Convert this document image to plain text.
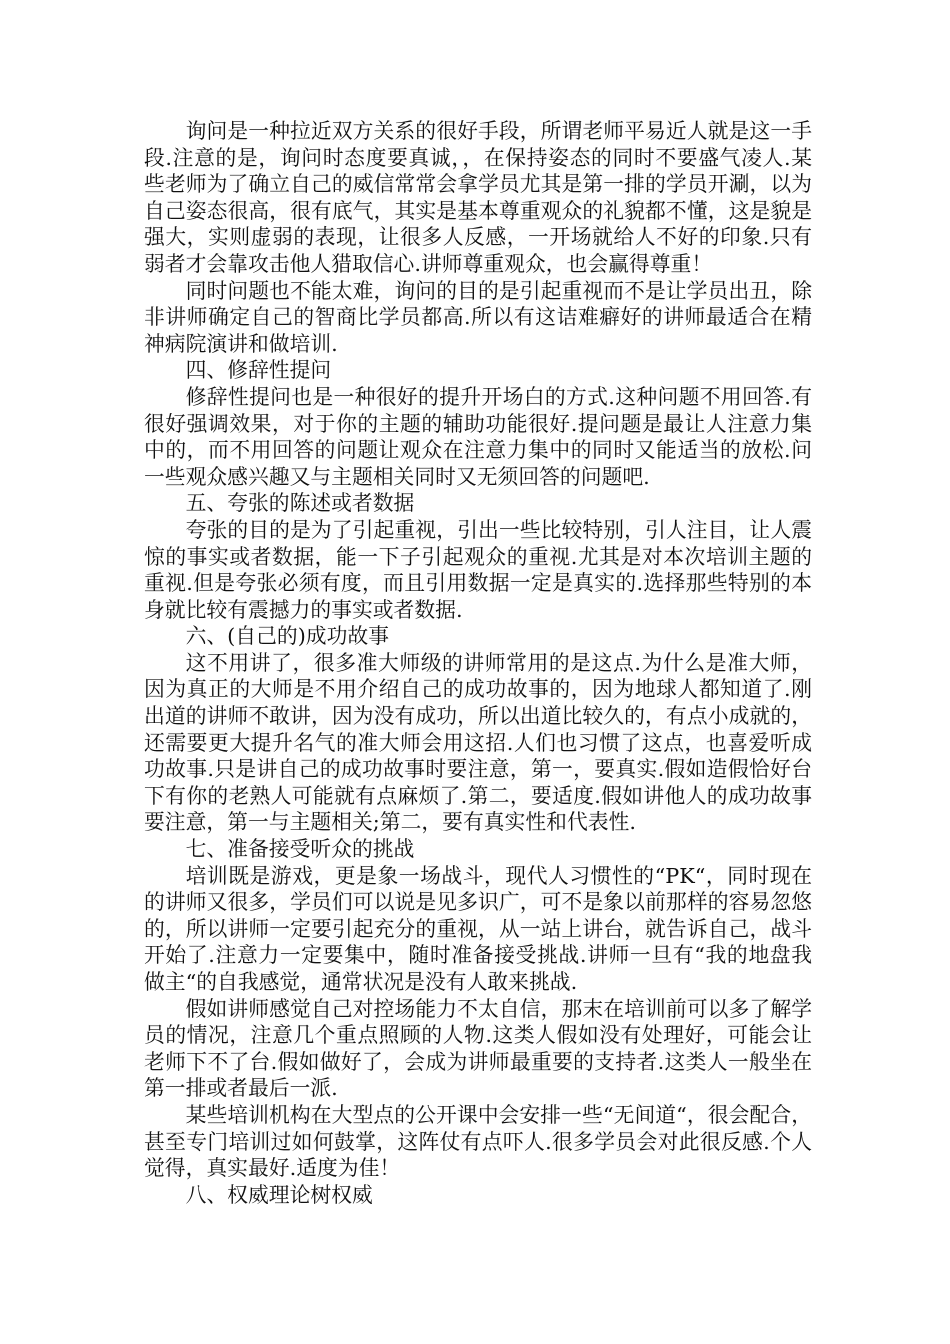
询问是一种拉近双方关系的很好手段，所谓老师平易近人就是这一手段.注意的是，询问时态度要真诚，，在保持姿态的同时不要盛气凌人.某些老师为了确立自己的威信常常会拿学员尤其是第一排的学员开涮，以为自己姿态很高，很有底气，其实是基本尊重观众的礼貌都不懂，这是貌是强大，实则虚弱的表现，让很多人反感，一开场就给人不好的印象.只有弱者才会靠攻击他人猎取信心.讲师尊重观众，也会赢得尊重！

同时问题也不能太难，询问的目的是引起重视而不是让学员出丑，除非讲师确定自己的智商比学员都高.所以有这诘难癖好的讲师最适合在精神病院演讲和做培训.

四、修辞性提问

修辞性提问也是一种很好的提升开场白的方式.这种问题不用回答.有很好强调效果，对于你的主题的辅助功能很好.提问题是最让人注意力集中的，而不用回答的问题让观众在注意力集中的同时又能适当的放松.问一些观众感兴趣又与主题相关同时又无须回答的问题吧.

五、夸张的陈述或者数据

夸张的目的是为了引起重视，引出一些比较特别，引人注目，让人震惊的事实或者数据，能一下子引起观众的重视.尤其是对本次培训主题的重视.但是夸张必须有度，而且引用数据一定是真实的.选择那些特别的本身就比较有震撼力的事实或者数据.

六、(自己的)成功故事

这不用讲了，很多准大师级的讲师常用的是这点.为什么是准大师，因为真正的大师是不用介绍自己的成功故事的，因为地球人都知道了.刚出道的讲师不敢讲，因为没有成功，所以出道比较久的，有点小成就的，还需要更大提升名气的准大师会用这招.人们也习惯了这点，也喜爱听成功故事.只是讲自己的成功故事时要注意，第一，要真实.假如造假恰好台下有你的老熟人可能就有点麻烦了.第二，要适度.假如讲他人的成功故事要注意，第一与主题相关;第二，要有真实性和代表性.

七、准备接受听众的挑战

培训既是游戏，更是象一场战斗，现代人习惯性的“PK“，同时现在的讲师又很多，学员们可以说是见多识广，可不是象以前那样的容易忽悠的，所以讲师一定要引起充分的重视，从一站上讲台，就告诉自己，战斗开始了.注意力一定要集中，随时准备接受挑战.讲师一旦有“我的地盘我做主“的自我感觉，通常状况是没有人敢来挑战.

假如讲师感觉自己对控场能力不太自信，那末在培训前可以多了解学员的情况，注意几个重点照顾的人物.这类人假如没有处理好，可能会让老师下不了台.假如做好了，会成为讲师最重要的支持者.这类人一般坐在第一排或者最后一派.

某些培训机构在大型点的公开课中会安排一些“无间道“，很会配合，甚至专门培训过如何鼓掌，这阵仗有点吓人.很多学员会对此很反感.个人觉得，真实最好.适度为佳！

八、权威理论树权威
